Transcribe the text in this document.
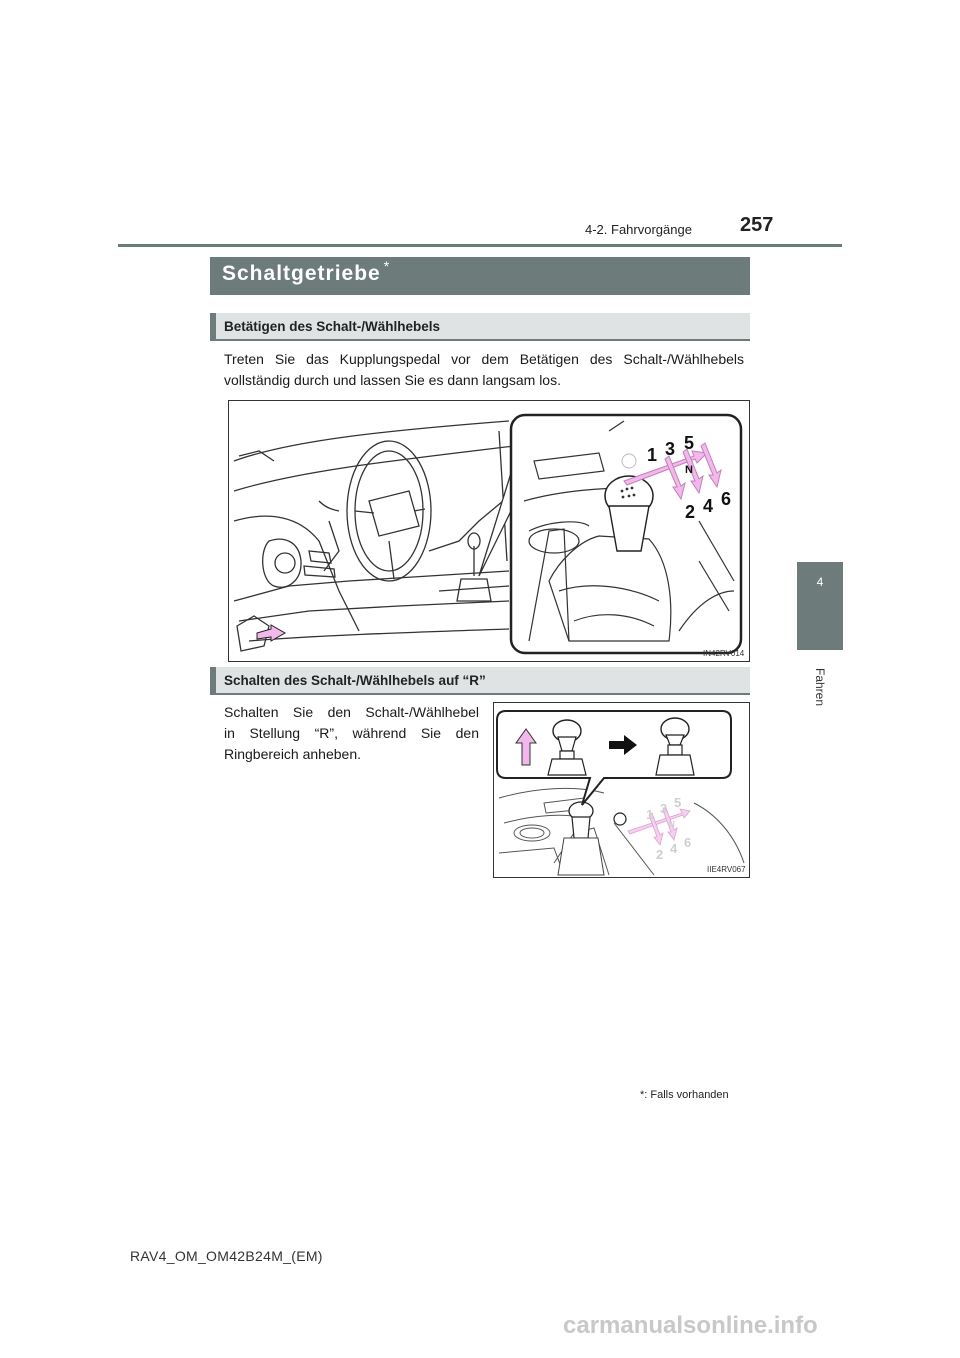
4-2. Fahrvorgänge 257
4
Fahren
Schaltgetriebe *
Betätigen des Schalt-/Wählhebels
Treten Sie das Kupplungspedal vor dem Betätigen des Schalt-/Wählhebels
vollständig durch und lassen Sie es dann langsam los.
1 3 5
N
2 4 6
IN42RV014
Schalten des Schalt-/Wählhebels auf “R”
Schalten Sie den Schalt-/Wählhebel
in Stellung “R”, während Sie den
Ringbereich anheben.
1 3 5
N
2 4 6
IIE4RV067
*: Falls vorhanden
RAV4_OM_OM42B24M_(EM)
carmanualsonline.info
